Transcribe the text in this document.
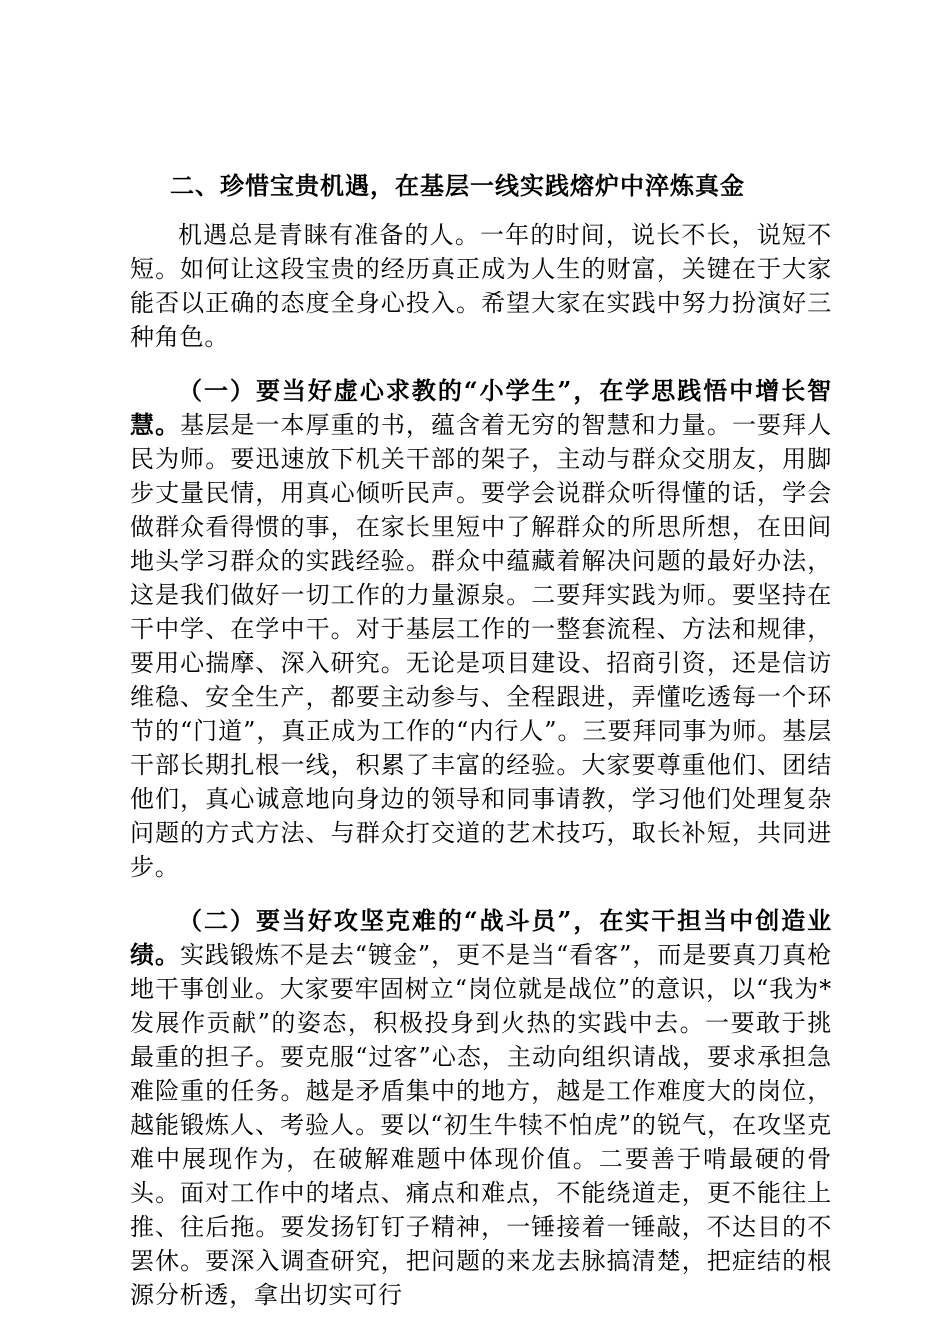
二、珍惜宝贵机遇，在基层一线实践熔炉中淬炼真金

机遇总是青睐有准备的人。一年的时间，说长不长，说短不短。如何让这段宝贵的经历真正成为人生的财富，关键在于大家能否以正确的态度全身心投入。希望大家在实践中努力扮演好三种角色。

（一）要当好虚心求教的“小学生”，在学思践悟中增长智慧。基层是一本厚重的书，蕴含着无穷的智慧和力量。一要拜人民为师。要迅速放下机关干部的架子，主动与群众交朋友，用脚步丈量民情，用真心倾听民声。要学会说群众听得懂的话，学会做群众看得惯的事，在家长里短中了解群众的所思所想，在田间地头学习群众的实践经验。群众中蕴藏着解决问题的最好办法，这是我们做好一切工作的力量源泉。二要拜实践为师。要坚持在干中学、在学中干。对于基层工作的一整套流程、方法和规律，要用心揣摩、深入研究。无论是项目建设、招商引资，还是信访维稳、安全生产，都要主动参与、全程跟进，弄懂吃透每一个环节的“门道”，真正成为工作的“内行人”。三要拜同事为师。基层干部长期扎根一线，积累了丰富的经验。大家要尊重他们、团结他们，真心诚意地向身边的领导和同事请教，学习他们处理复杂问题的方式方法、与群众打交道的艺术技巧，取长补短，共同进步。

（二）要当好攻坚克难的“战斗员”，在实干担当中创造业绩。实践锻炼不是去“镀金”，更不是当“看客”，而是要真刀真枪地干事创业。大家要牢固树立“岗位就是战位”的意识，以“我为*发展作贡献”的姿态，积极投身到火热的实践中去。一要敢于挑最重的担子。要克服“过客”心态，主动向组织请战，要求承担急难险重的任务。越是矛盾集中的地方，越是工作难度大的岗位，越能锻炼人、考验人。要以“初生牛犊不怕虎”的锐气，在攻坚克难中展现作为，在破解难题中体现价值。二要善于啃最硬的骨头。面对工作中的堵点、痛点和难点，不能绕道走，更不能往上推、往后拖。要发扬钉钉子精神，一锤接着一锤敲，不达目的不罢休。要深入调查研究，把问题的来龙去脉搞清楚，把症结的根源分析透，拿出切实可行
